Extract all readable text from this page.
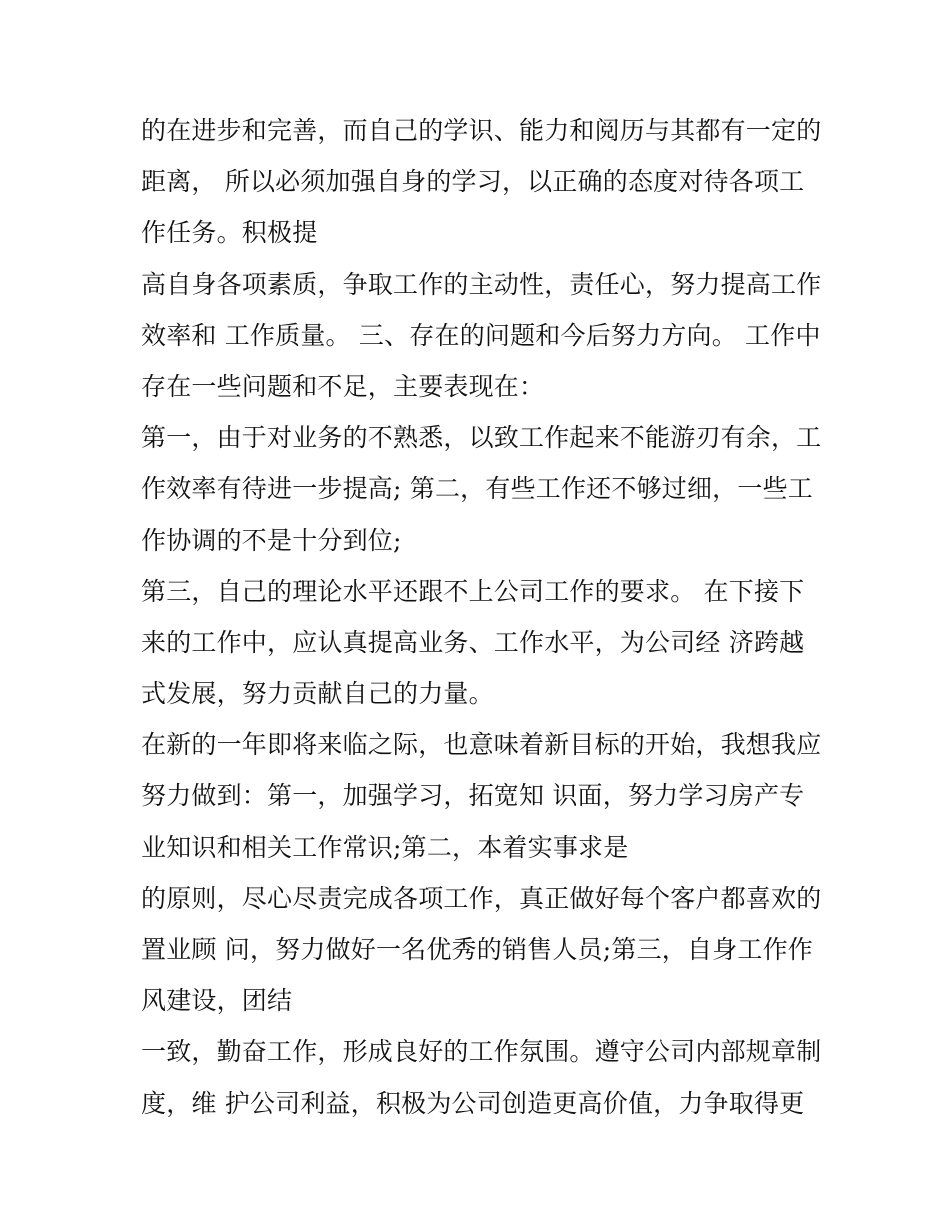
的在进步和完善，而自己的学识、能力和阅历与其都有一定的
距离， 所以必须加强自身的学习，以正确的态度对待各项工
作任务。积极提
高自身各项素质，争取工作的主动性，责任心，努力提高工作
效率和 工作质量。 三、存在的问题和今后努力方向。 工作中
存在一些问题和不足，主要表现在：
第一，由于对业务的不熟悉，以致工作起来不能游刃有余，工
作效率有待进一步提高; 第二，有些工作还不够过细，一些工
作协调的不是十分到位;
第三，自己的理论水平还跟不上公司工作的要求。 在下接下
来的工作中，应认真提高业务、工作水平，为公司经 济跨越
式发展，努力贡献自己的力量。
在新的一年即将来临之际，也意味着新目标的开始，我想我应
努力做到：第一，加强学习，拓宽知 识面，努力学习房产专
业知识和相关工作常识;第二，本着实事求是
的原则，尽心尽责完成各项工作，真正做好每个客户都喜欢的
置业顾 问，努力做好一名优秀的销售人员;第三，自身工作作
风建设，团结
一致，勤奋工作，形成良好的工作氛围。遵守公司内部规章制
度，维 护公司利益，积极为公司创造更高价值，力争取得更
